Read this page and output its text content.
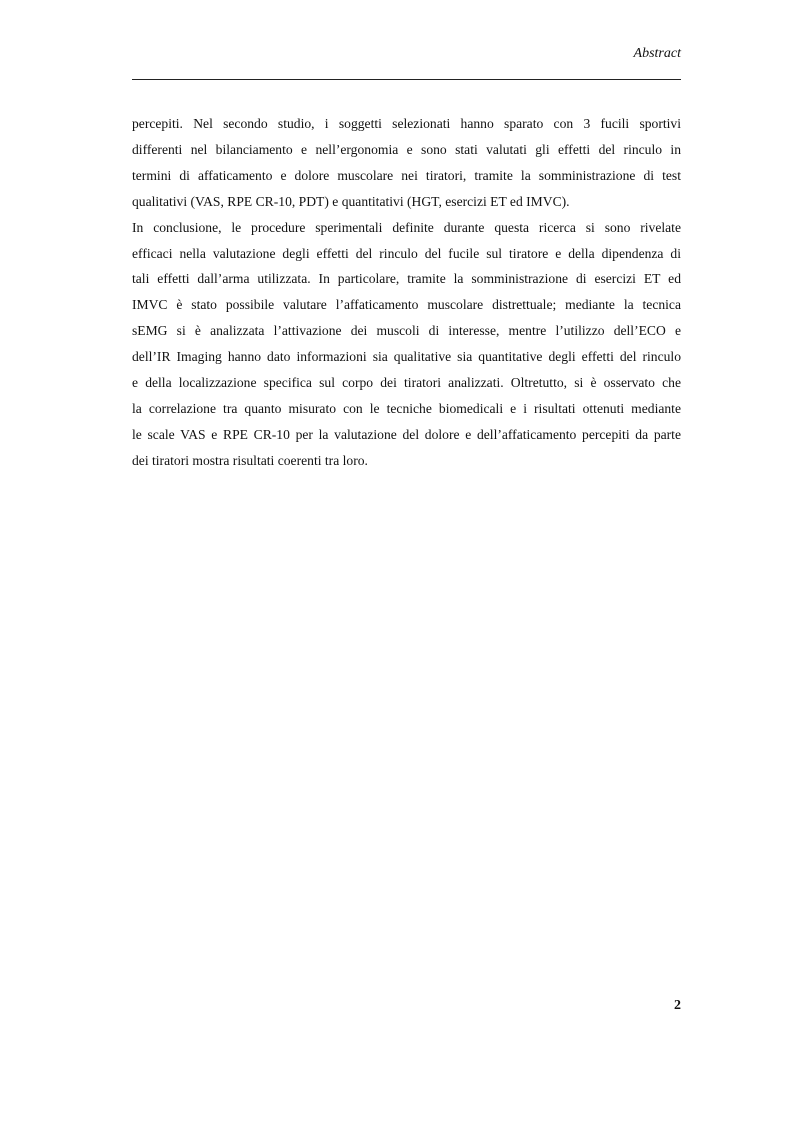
Abstract

percepiti. Nel secondo studio, i soggetti selezionati hanno sparato con 3 fucili sportivi
differenti nel bilanciamento e nell’ergonomia e sono stati valutati gli effetti del rinculo in
termini di affaticamento e dolore muscolare nei tiratori, tramite la somministrazione di test
qualitativi (VAS, RPE CR-10, PDT) e quantitativi (HGT, esercizi ET ed IMVC).

In conclusione, le procedure sperimentali definite durante questa ricerca si sono rivelate
efficaci nella valutazione degli effetti del rinculo del fucile sul tiratore e della dipendenza di
tali effetti dall’arma utilizzata. In particolare, tramite la somministrazione di esercizi ET ed
IMVC è stato possibile valutare l’affaticamento muscolare distrettuale; mediante la tecnica
sEMG si è analizzata l’attivazione dei muscoli di interesse, mentre l’utilizzo dell’ECO e
dell’IR Imaging hanno dato informazioni sia qualitative sia quantitative degli effetti del rinculo
e della localizzazione specifica sul corpo dei tiratori analizzati. Oltretutto, si è osservato che
la correlazione tra quanto misurato con le tecniche biomedicali e i risultati ottenuti mediante
le scale VAS e RPE CR-10 per la valutazione del dolore e dell’affaticamento percepiti da parte
dei tiratori mostra risultati coerenti tra loro.

2
